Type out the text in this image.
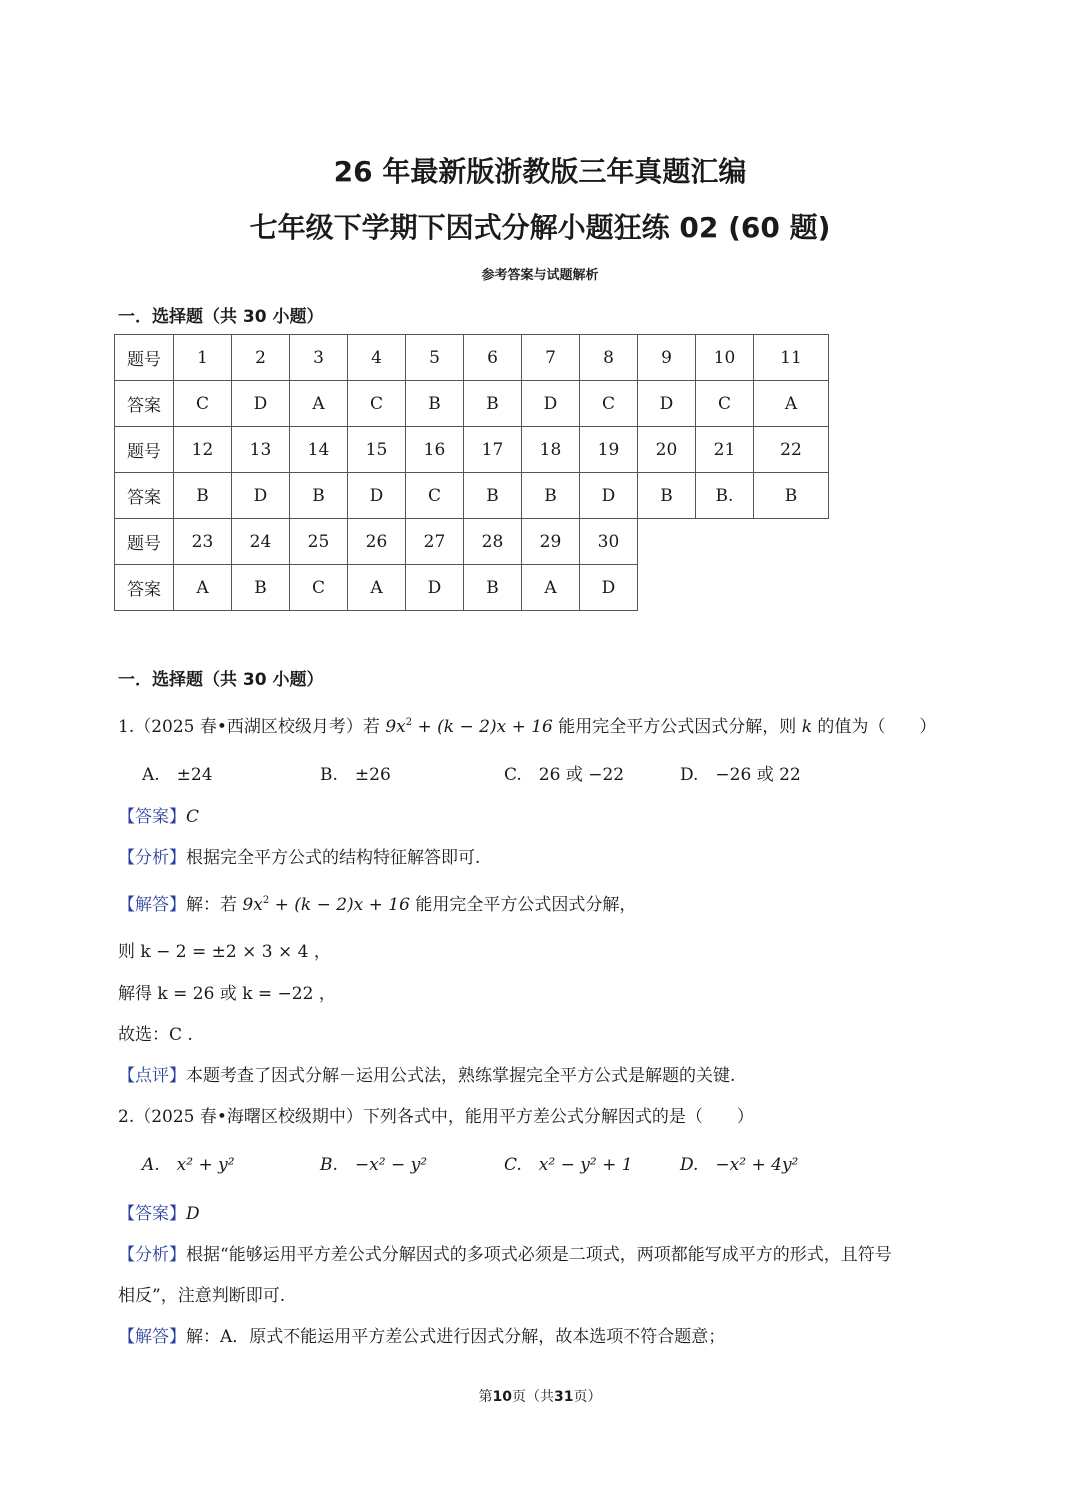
26 年最新版浙教版三年真题汇编
七年级下学期下因式分解小题狂练 02 (60 题)
参考答案与试题解析
一．选择题（共 30 小题）
题号	1	2	3	4	5	6	7	8	9	10	11
答案	C	D	A	C	B	B	D	C	D	C	A
题号	12	13	14	15	16	17	18	19	20	21	22
答案	B	D	B	D	C	B	B	D	B	B.	B
题号	23	24	25	26	27	28	29	30			
答案	A	B	C	A	D	B	A	D			
一．选择题（共 30 小题）
1.（2025 春•西湖区校级月考）若 $9x^2 + (k - 2)x + 16$ 能用完全平方公式因式分解，则 k 的值为（　　）
A.　±24	B.　±26	C.　26 或 −22	D.　−26 或 22
【答案】C
【分析】根据完全平方公式的结构特征解答即可.
【解答】解：若 $9x^2 + (k - 2)x + 16$ 能用完全平方公式因式分解，
则 k − 2 = ±2 × 3 × 4 ，
解得 k = 26 或 k = −22 ，
故选：C .
【点评】本题考查了因式分解－运用公式法，熟练掌握完全平方公式是解题的关键.
2.（2025 春•海曙区校级期中）下列各式中，能用平方差公式分解因式的是（　　）
A.　x² + y²	B.　−x² − y²	C.　x² − y² + 1	D.　−x² + 4y²
【答案】D
【分析】根据“能够运用平方差公式分解因式的多项式必须是二项式，两项都能写成平方的形式，且符号
相反”，注意判断即可.
【解答】解：A．原式不能运用平方差公式进行因式分解，故本选项不符合题意；
第10页（共31页）
